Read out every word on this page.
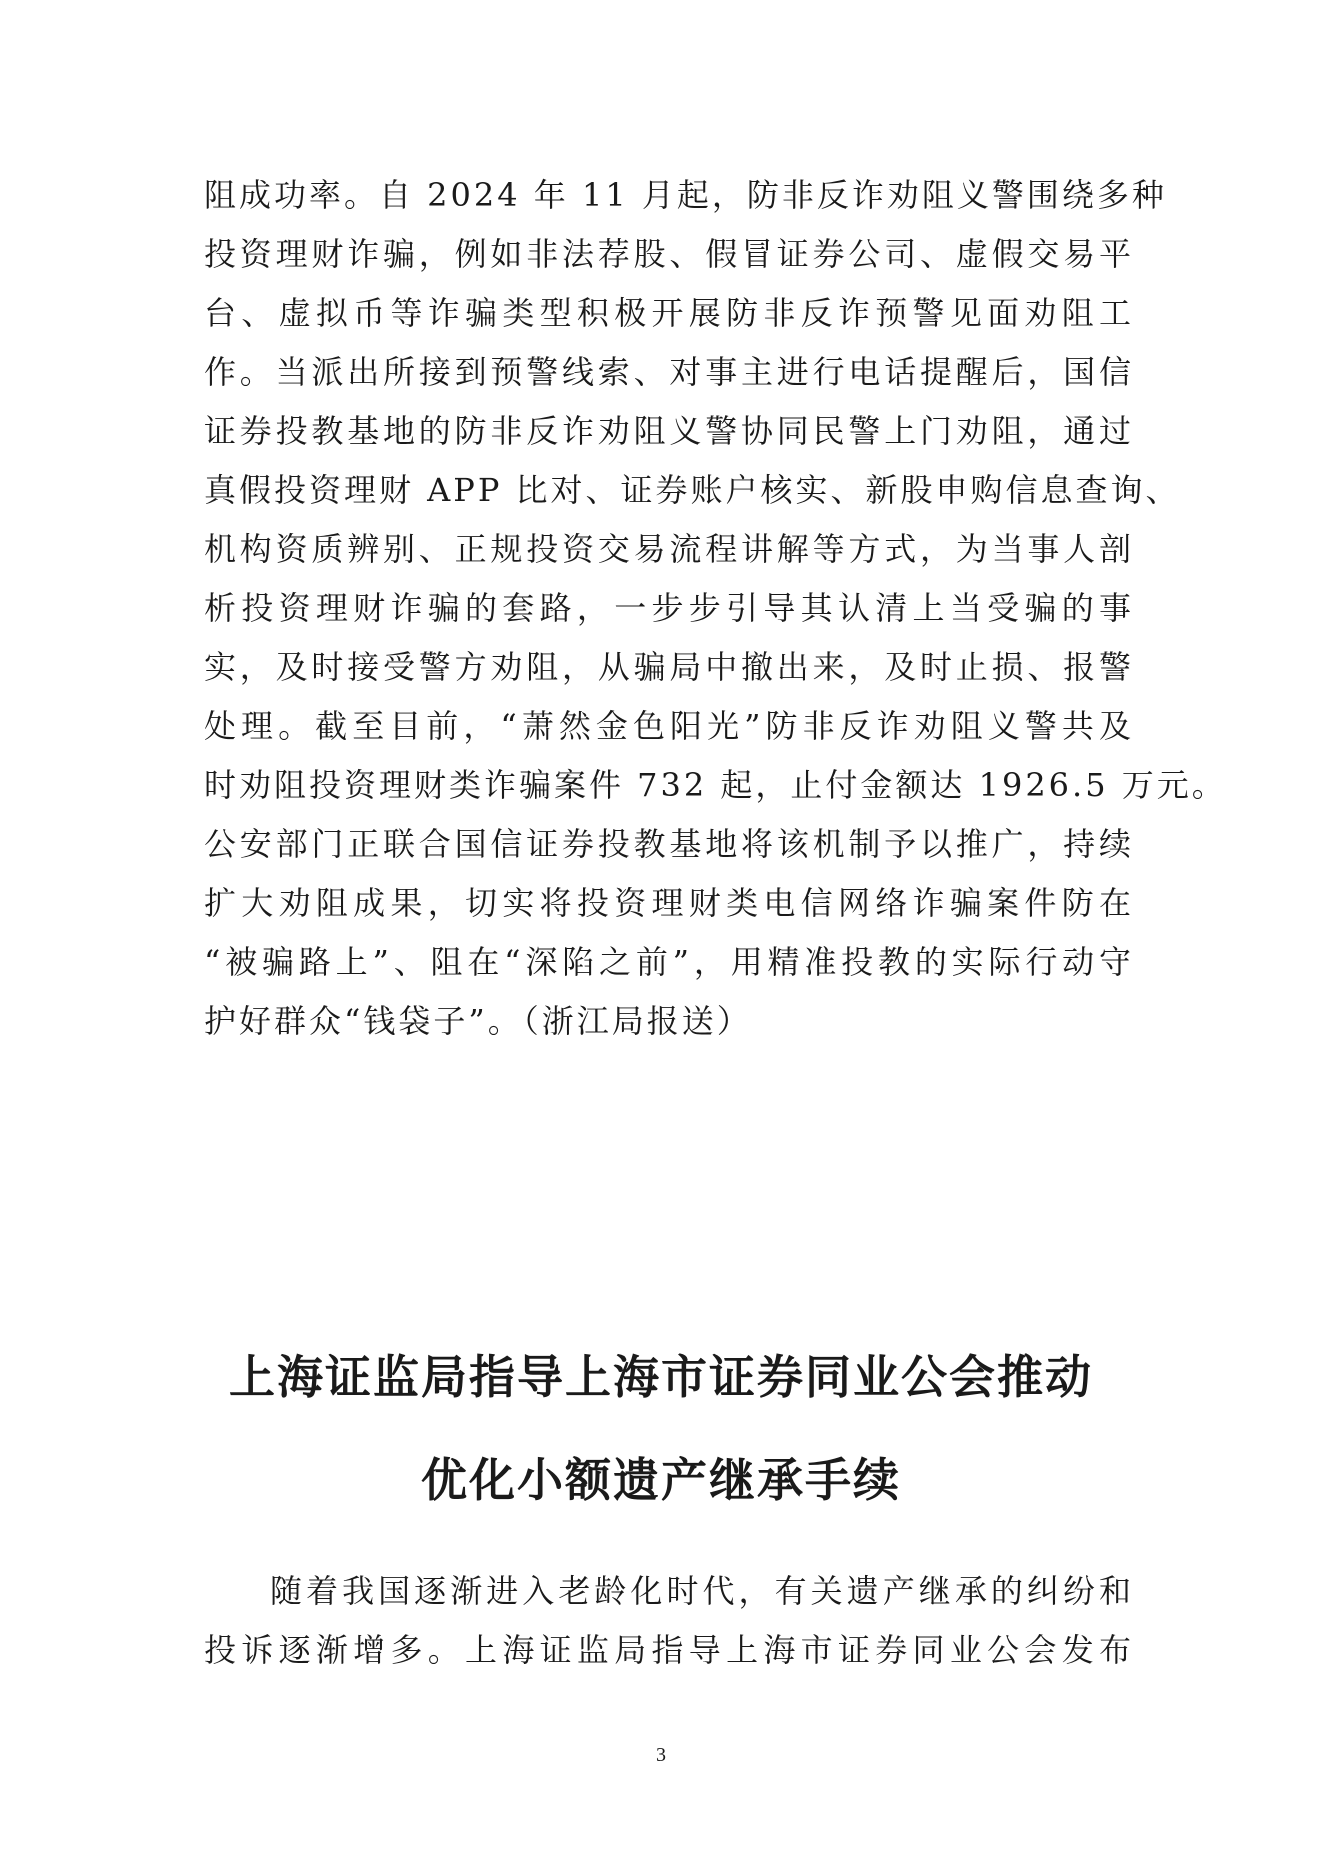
阻成功率。自 2024 年 11 月起，防非反诈劝阻义警围绕多种
投资理财诈骗，例如非法荐股、假冒证券公司、虚假交易平
台、虚拟币等诈骗类型积极开展防非反诈预警见面劝阻工
作。当派出所接到预警线索、对事主进行电话提醒后，国信
证券投教基地的防非反诈劝阻义警协同民警上门劝阻，通过
真假投资理财 APP 比对、证券账户核实、新股申购信息查询、
机构资质辨别、正规投资交易流程讲解等方式，为当事人剖
析投资理财诈骗的套路，一步步引导其认清上当受骗的事
实，及时接受警方劝阻，从骗局中撤出来，及时止损、报警
处理。截至目前，“萧然金色阳光”防非反诈劝阻义警共及
时劝阻投资理财类诈骗案件 732 起，止付金额达 1926.5 万元。
公安部门正联合国信证券投教基地将该机制予以推广，持续
扩大劝阻成果，切实将投资理财类电信网络诈骗案件防在
“被骗路上”、阻在“深陷之前”，用精准投教的实际行动守
护好群众“钱袋子”。（浙江局报送）
上海证监局指导上海市证券同业公会推动
优化小额遗产继承手续
随着我国逐渐进入老龄化时代，有关遗产继承的纠纷和
投诉逐渐增多。上海证监局指导上海市证券同业公会发布
3
